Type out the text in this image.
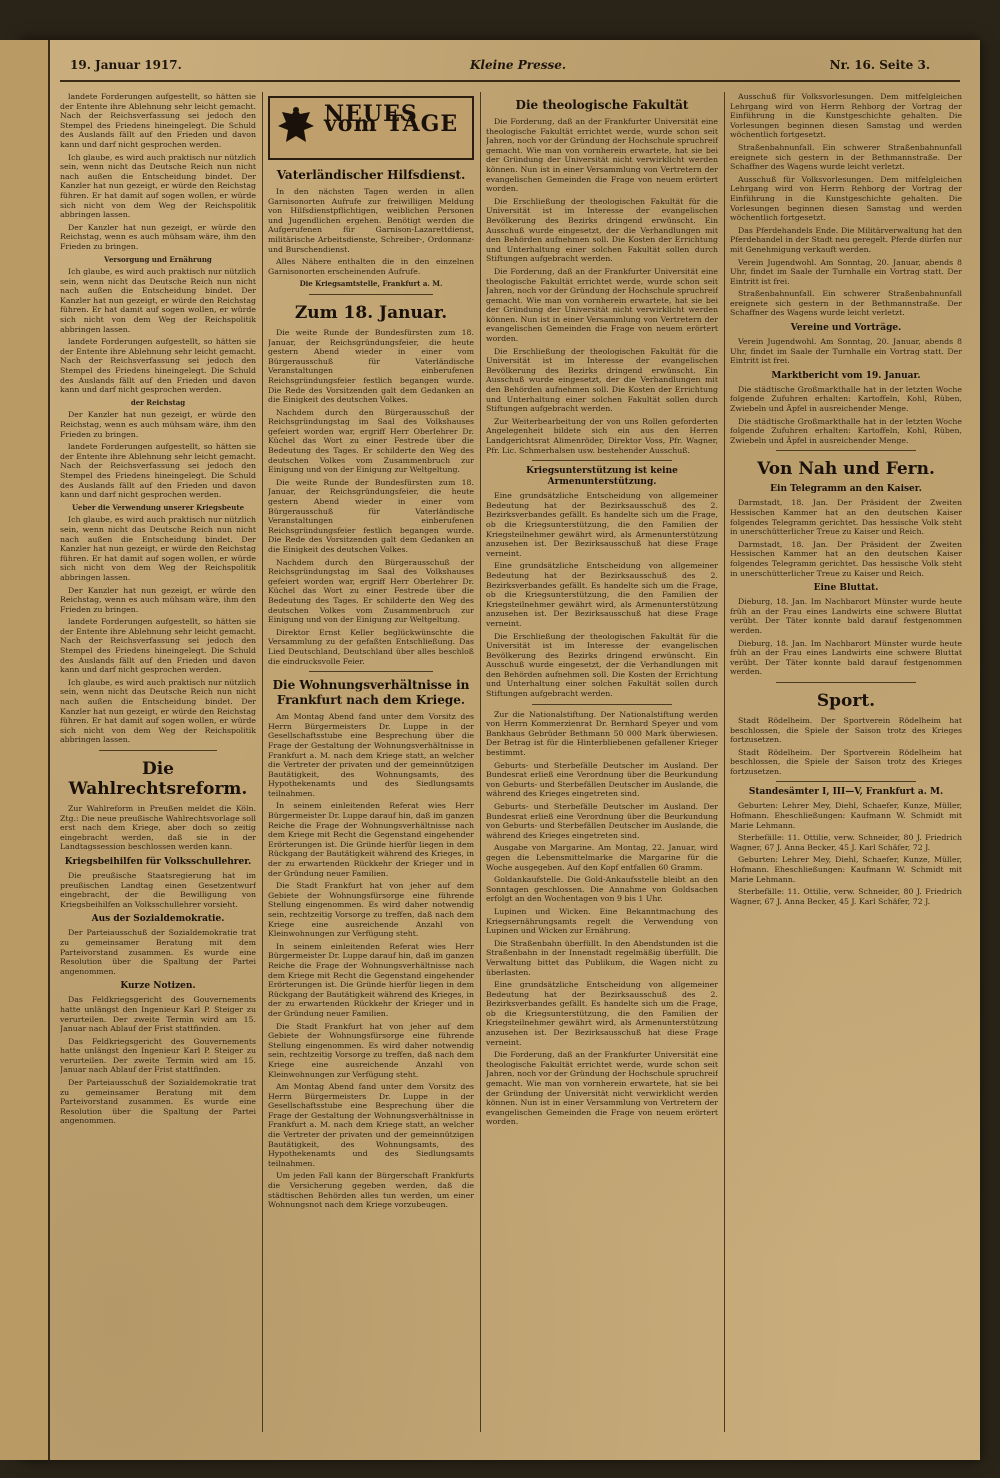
19. Januar 1917.	Kleine Presse.	Nr. 16. Seite 3.

landete Forderungen aufgestellt, so hätten sie der Entente ihre Ablehnung sehr leicht gemacht. Nach der Reichsverfassung sei jedoch den Stempel des Friedens hineingelegt. Die Schuld des Auslands fällt auf den Frieden und davon kann und darf nicht gesprochen werden.

Ich glaube, es wird auch praktisch nur nützlich sein, wenn nicht das Deutsche Reich nun nicht nach außen die Entscheidung bindet. Der Kanzler hat nun gezeigt, er würde den Reichstag führen. Er hat damit auf sogen wollen, er würde sich nicht von dem Weg der Reichspolitik abbringen lassen.

Der Kanzler hat nun gezeigt, er würde den Reichstag, wenn es auch mühsam wäre, ihm den Frieden zu bringen.

Versorgung und Ernährung

Ich glaube, es wird auch praktisch nur nützlich sein, wenn nicht das Deutsche Reich nun nicht nach außen die Entscheidung bindet. Der Kanzler hat nun gezeigt, er würde den Reichstag führen. Er hat damit auf sogen wollen, er würde sich nicht von dem Weg der Reichspolitik abbringen lassen.

landete Forderungen aufgestellt, so hätten sie der Entente ihre Ablehnung sehr leicht gemacht. Nach der Reichsverfassung sei jedoch den Stempel des Friedens hineingelegt. Die Schuld des Auslands fällt auf den Frieden und davon kann und darf nicht gesprochen werden.

der Reichstag

Der Kanzler hat nun gezeigt, er würde den Reichstag, wenn es auch mühsam wäre, ihm den Frieden zu bringen.

landete Forderungen aufgestellt, so hätten sie der Entente ihre Ablehnung sehr leicht gemacht. Nach der Reichsverfassung sei jedoch den Stempel des Friedens hineingelegt. Die Schuld des Auslands fällt auf den Frieden und davon kann und darf nicht gesprochen werden.

Ueber die Verwendung unserer Kriegsbeute

Ich glaube, es wird auch praktisch nur nützlich sein, wenn nicht das Deutsche Reich nun nicht nach außen die Entscheidung bindet. Der Kanzler hat nun gezeigt, er würde den Reichstag führen. Er hat damit auf sogen wollen, er würde sich nicht von dem Weg der Reichspolitik abbringen lassen.

Der Kanzler hat nun gezeigt, er würde den Reichstag, wenn es auch mühsam wäre, ihm den Frieden zu bringen.

landete Forderungen aufgestellt, so hätten sie der Entente ihre Ablehnung sehr leicht gemacht. Nach der Reichsverfassung sei jedoch den Stempel des Friedens hineingelegt. Die Schuld des Auslands fällt auf den Frieden und davon kann und darf nicht gesprochen werden.

Ich glaube, es wird auch praktisch nur nützlich sein, wenn nicht das Deutsche Reich nun nicht nach außen die Entscheidung bindet. Der Kanzler hat nun gezeigt, er würde den Reichstag führen. Er hat damit auf sogen wollen, er würde sich nicht von dem Weg der Reichspolitik abbringen lassen.

Die Wahlrechtsreform.

Zur Wahlreform in Preußen meldet die Köln. Ztg.: Die neue preußische Wahlrechtsvorlage soll erst nach dem Kriege, aber doch so zeitig eingebracht werden, daß sie in der Landtagssession beschlossen werden kann.

Kriegsbeihilfen für Volksschullehrer.

Die preußische Staatsregierung hat im preußischen Landtag einen Gesetzentwurf eingebracht, der die Bewilligung von Kriegsbeihilfen an Volksschullehrer vorsieht.

Aus der Sozialdemokratie.

Der Parteiausschuß der Sozialdemokratie trat zu gemeinsamer Beratung mit dem Parteivorstand zusammen. Es wurde eine Resolution über die Spaltung der Partei angenommen.

Kurze Notizen.

Das Feldkriegsgericht des Gouvernements hatte unlängst den Ingenieur Karl P. Steiger zu verurteilen. Der zweite Termin wird am 15. Januar nach Ablauf der Frist stattfinden.

Das Feldkriegsgericht des Gouvernements hatte unlängst den Ingenieur Karl P. Steiger zu verurteilen. Der zweite Termin wird am 15. Januar nach Ablauf der Frist stattfinden.

Der Parteiausschuß der Sozialdemokratie trat zu gemeinsamer Beratung mit dem Parteivorstand zusammen. Es wurde eine Resolution über die Spaltung der Partei angenommen.

NEUES vom TAGE
Vaterländischer Hilfsdienst.

In den nächsten Tagen werden in allen Garnisonorten Aufrufe zur freiwilligen Meldung von Hilfsdienstpflichtigen, weiblichen Personen und Jugendlichen ergehen. Benötigt werden die Aufgerufenen für Garnison-Lazarettdienst, militärische Arbeitsdienste, Schreiber-, Ordonnanz- und Burschendienst.

Alles Nähere enthalten die in den einzelnen Garnisonorten erscheinenden Aufrufe.

Die Kriegsamtstelle, Frankfurt a. M.
Zum 18. Januar.

Die weite Runde der Bundesfürsten zum 18. Januar, der Reichsgründungsfeier, die heute gestern Abend wieder in einer vom Bürgerausschuß für Vaterländische Veranstaltungen einberufenen Reichsgründungsfeier festlich begangen wurde. Die Rede des Vorsitzenden galt dem Gedanken an die Einigkeit des deutschen Volkes.

Nachdem durch den Bürgerausschuß der Reichsgründungstag im Saal des Volkshauses gefeiert worden war, ergriff Herr Oberlehrer Dr. Küchel das Wort zu einer Festrede über die Bedeutung des Tages. Er schilderte den Weg des deutschen Volkes vom Zusammenbruch zur Einigung und von der Einigung zur Weltgeltung.

Die weite Runde der Bundesfürsten zum 18. Januar, der Reichsgründungsfeier, die heute gestern Abend wieder in einer vom Bürgerausschuß für Vaterländische Veranstaltungen einberufenen Reichsgründungsfeier festlich begangen wurde. Die Rede des Vorsitzenden galt dem Gedanken an die Einigkeit des deutschen Volkes.

Nachdem durch den Bürgerausschuß der Reichsgründungstag im Saal des Volkshauses gefeiert worden war, ergriff Herr Oberlehrer Dr. Küchel das Wort zu einer Festrede über die Bedeutung des Tages. Er schilderte den Weg des deutschen Volkes vom Zusammenbruch zur Einigung und von der Einigung zur Weltgeltung.

Direktor Ernst Keller beglückwünschte die Versammlung zu der gefaßten Entschließung. Das Lied Deutschland, Deutschland über alles beschloß die eindrucksvolle Feier.

Die Wohnungsverhältnisse in Frankfurt nach dem Kriege.

Am Montag Abend fand unter dem Vorsitz des Herrn Bürgermeisters Dr. Luppe in der Gesellschaftsstube eine Besprechung über die Frage der Gestaltung der Wohnungsverhältnisse in Frankfurt a. M. nach dem Kriege statt, an welcher die Vertreter der privaten und der gemeinnützigen Bautätigkeit, des Wohnungsamts, des Hypothekenamts und des Siedlungsamts teilnahmen.

In seinem einleitenden Referat wies Herr Bürgermeister Dr. Luppe darauf hin, daß im ganzen Reiche die Frage der Wohnungsverhältnisse nach dem Kriege mit Recht die Gegenstand eingehender Erörterungen ist. Die Gründe hierfür liegen in dem Rückgang der Bautätigkeit während des Krieges, in der zu erwartenden Rückkehr der Krieger und in der Gründung neuer Familien.

Die Stadt Frankfurt hat von jeher auf dem Gebiete der Wohnungsfürsorge eine führende Stellung eingenommen. Es wird daher notwendig sein, rechtzeitig Vorsorge zu treffen, daß nach dem Kriege eine ausreichende Anzahl von Kleinwohnungen zur Verfügung steht.

In seinem einleitenden Referat wies Herr Bürgermeister Dr. Luppe darauf hin, daß im ganzen Reiche die Frage der Wohnungsverhältnisse nach dem Kriege mit Recht die Gegenstand eingehender Erörterungen ist. Die Gründe hierfür liegen in dem Rückgang der Bautätigkeit während des Krieges, in der zu erwartenden Rückkehr der Krieger und in der Gründung neuer Familien.

Die Stadt Frankfurt hat von jeher auf dem Gebiete der Wohnungsfürsorge eine führende Stellung eingenommen. Es wird daher notwendig sein, rechtzeitig Vorsorge zu treffen, daß nach dem Kriege eine ausreichende Anzahl von Kleinwohnungen zur Verfügung steht.

Am Montag Abend fand unter dem Vorsitz des Herrn Bürgermeisters Dr. Luppe in der Gesellschaftsstube eine Besprechung über die Frage der Gestaltung der Wohnungsverhältnisse in Frankfurt a. M. nach dem Kriege statt, an welcher die Vertreter der privaten und der gemeinnützigen Bautätigkeit, des Wohnungsamts, des Hypothekenamts und des Siedlungsamts teilnahmen.

Um jeden Fall kann der Bürgerschaft Frankfurts die Versicherung gegeben werden, daß die städtischen Behörden alles tun werden, um einer Wohnungsnot nach dem Kriege vorzubeugen.

Die theologische Fakultät

Die Forderung, daß an der Frankfurter Universität eine theologische Fakultät errichtet werde, wurde schon seit Jahren, noch vor der Gründung der Hochschule spruchreif gemacht. Wie man von vornherein erwartete, hat sie bei der Gründung der Universität nicht verwirklicht werden können. Nun ist in einer Versammlung von Vertretern der evangelischen Gemeinden die Frage von neuem erörtert worden.

Die Erschließung der theologischen Fakultät für die Universität ist im Interesse der evangelischen Bevölkerung des Bezirks dringend erwünscht. Ein Ausschuß wurde eingesetzt, der die Verhandlungen mit den Behörden aufnehmen soll. Die Kosten der Errichtung und Unterhaltung einer solchen Fakultät sollen durch Stiftungen aufgebracht werden.

Die Forderung, daß an der Frankfurter Universität eine theologische Fakultät errichtet werde, wurde schon seit Jahren, noch vor der Gründung der Hochschule spruchreif gemacht. Wie man von vornherein erwartete, hat sie bei der Gründung der Universität nicht verwirklicht werden können. Nun ist in einer Versammlung von Vertretern der evangelischen Gemeinden die Frage von neuem erörtert worden.

Die Erschließung der theologischen Fakultät für die Universität ist im Interesse der evangelischen Bevölkerung des Bezirks dringend erwünscht. Ein Ausschuß wurde eingesetzt, der die Verhandlungen mit den Behörden aufnehmen soll. Die Kosten der Errichtung und Unterhaltung einer solchen Fakultät sollen durch Stiftungen aufgebracht werden.

Zur Weiterbearbeitung der von uns Rollen geforderten Angelegenheit bildete sich ein aus den Herren Landgerichtsrat Alimenröder, Direktor Voss, Pfr. Wagner, Pfr. Lic. Schmerhalsen usw. bestehender Ausschuß.

Kriegsunterstützung ist keine Armenunterstützung.

Eine grundsätzliche Entscheidung von allgemeiner Bedeutung hat der Bezirksausschuß des 2. Bezirksverbandes gefällt. Es handelte sich um die Frage, ob die Kriegsunterstützung, die den Familien der Kriegsteilnehmer gewährt wird, als Armenunterstützung anzusehen ist. Der Bezirksausschuß hat diese Frage verneint.

Eine grundsätzliche Entscheidung von allgemeiner Bedeutung hat der Bezirksausschuß des 2. Bezirksverbandes gefällt. Es handelte sich um die Frage, ob die Kriegsunterstützung, die den Familien der Kriegsteilnehmer gewährt wird, als Armenunterstützung anzusehen ist. Der Bezirksausschuß hat diese Frage verneint.

Die Erschließung der theologischen Fakultät für die Universität ist im Interesse der evangelischen Bevölkerung des Bezirks dringend erwünscht. Ein Ausschuß wurde eingesetzt, der die Verhandlungen mit den Behörden aufnehmen soll. Die Kosten der Errichtung und Unterhaltung einer solchen Fakultät sollen durch Stiftungen aufgebracht werden.

Zur die Nationalstiftung. Der Nationalstiftung werden von Herrn Kommerzienrat Dr. Bernhard Speyer und vom Bankhaus Gebrüder Bethmann 50 000 Mark überwiesen. Der Betrag ist für die Hinterbliebenen gefallener Krieger bestimmt.

Geburts- und Sterbefälle Deutscher im Ausland. Der Bundesrat erließ eine Verordnung über die Beurkundung von Geburts- und Sterbefällen Deutscher im Auslande, die während des Krieges eingetreten sind.

Geburts- und Sterbefälle Deutscher im Ausland. Der Bundesrat erließ eine Verordnung über die Beurkundung von Geburts- und Sterbefällen Deutscher im Auslande, die während des Krieges eingetreten sind.

Ausgabe von Margarine. Am Montag, 22. Januar, wird gegen die Lebensmittelmarke die Margarine für die Woche ausgegeben. Auf den Kopf entfallen 60 Gramm.

Goldankaufstelle. Die Gold-Ankaufsstelle bleibt an den Sonntagen geschlossen. Die Annahme von Goldsachen erfolgt an den Wochentagen von 9 bis 1 Uhr.

Lupinen und Wicken. Eine Bekanntmachung des Kriegsernährungsamts regelt die Verwendung von Lupinen und Wicken zur Ernährung.

Die Straßenbahn überfüllt. In den Abendstunden ist die Straßenbahn in der Innenstadt regelmäßig überfüllt. Die Verwaltung bittet das Publikum, die Wagen nicht zu überlasten.

Eine grundsätzliche Entscheidung von allgemeiner Bedeutung hat der Bezirksausschuß des 2. Bezirksverbandes gefällt. Es handelte sich um die Frage, ob die Kriegsunterstützung, die den Familien der Kriegsteilnehmer gewährt wird, als Armenunterstützung anzusehen ist. Der Bezirksausschuß hat diese Frage verneint.

Die Forderung, daß an der Frankfurter Universität eine theologische Fakultät errichtet werde, wurde schon seit Jahren, noch vor der Gründung der Hochschule spruchreif gemacht. Wie man von vornherein erwartete, hat sie bei der Gründung der Universität nicht verwirklicht werden können. Nun ist in einer Versammlung von Vertretern der evangelischen Gemeinden die Frage von neuem erörtert worden.

Ausschuß für Volksvorlesungen. Dem mitfelgleichen Lehrgang wird von Herrn Rehborg der Vortrag der Einführung in die Kunstgeschichte gehalten. Die Vorlesungen beginnen diesen Samstag und werden wöchentlich fortgesetzt.

Straßenbahnunfall. Ein schwerer Straßenbahnunfall ereignete sich gestern in der Bethmannstraße. Der Schaffner des Wagens wurde leicht verletzt.

Ausschuß für Volksvorlesungen. Dem mitfelgleichen Lehrgang wird von Herrn Rehborg der Vortrag der Einführung in die Kunstgeschichte gehalten. Die Vorlesungen beginnen diesen Samstag und werden wöchentlich fortgesetzt.

Das Pferdehandels Ende. Die Militärverwaltung hat den Pferdehandel in der Stadt neu geregelt. Pferde dürfen nur mit Genehmigung verkauft werden.

Verein Jugendwohl. Am Sonntag, 20. Januar, abends 8 Uhr, findet im Saale der Turnhalle ein Vortrag statt. Der Eintritt ist frei.

Straßenbahnunfall. Ein schwerer Straßenbahnunfall ereignete sich gestern in der Bethmannstraße. Der Schaffner des Wagens wurde leicht verletzt.

Vereine und Vorträge.

Verein Jugendwohl. Am Sonntag, 20. Januar, abends 8 Uhr, findet im Saale der Turnhalle ein Vortrag statt. Der Eintritt ist frei.

Marktbericht vom 19. Januar.

Die städtische Großmarkthalle hat in der letzten Woche folgende Zufuhren erhalten: Kartoffeln, Kohl, Rüben, Zwiebeln und Äpfel in ausreichender Menge.

Die städtische Großmarkthalle hat in der letzten Woche folgende Zufuhren erhalten: Kartoffeln, Kohl, Rüben, Zwiebeln und Äpfel in ausreichender Menge.

Von Nah und Fern.
Ein Telegramm an den Kaiser.

Darmstadt, 18. Jan. Der Präsident der Zweiten Hessischen Kammer hat an den deutschen Kaiser folgendes Telegramm gerichtet. Das hessische Volk steht in unerschütterlicher Treue zu Kaiser und Reich.

Darmstadt, 18. Jan. Der Präsident der Zweiten Hessischen Kammer hat an den deutschen Kaiser folgendes Telegramm gerichtet. Das hessische Volk steht in unerschütterlicher Treue zu Kaiser und Reich.

Eine Bluttat.

Dieburg, 18. Jan. Im Nachbarort Münster wurde heute früh an der Frau eines Landwirts eine schwere Bluttat verübt. Der Täter konnte bald darauf festgenommen werden.

Dieburg, 18. Jan. Im Nachbarort Münster wurde heute früh an der Frau eines Landwirts eine schwere Bluttat verübt. Der Täter konnte bald darauf festgenommen werden.

Sport.

Stadt Rödelheim. Der Sportverein Rödelheim hat beschlossen, die Spiele der Saison trotz des Krieges fortzusetzen.

Stadt Rödelheim. Der Sportverein Rödelheim hat beschlossen, die Spiele der Saison trotz des Krieges fortzusetzen.

Standesämter I, III—V, Frankfurt a. M.

Geburten: Lehrer Mey, Diehl, Schaefer, Kunze, Müller, Hofmann. Eheschließungen: Kaufmann W. Schmidt mit Marie Lehmann.

Sterbefälle: 11. Ottilie, verw. Schneider, 80 J. Friedrich Wagner, 67 J. Anna Becker, 45 J. Karl Schäfer, 72 J.

Geburten: Lehrer Mey, Diehl, Schaefer, Kunze, Müller, Hofmann. Eheschließungen: Kaufmann W. Schmidt mit Marie Lehmann.

Sterbefälle: 11. Ottilie, verw. Schneider, 80 J. Friedrich Wagner, 67 J. Anna Becker, 45 J. Karl Schäfer, 72 J.
